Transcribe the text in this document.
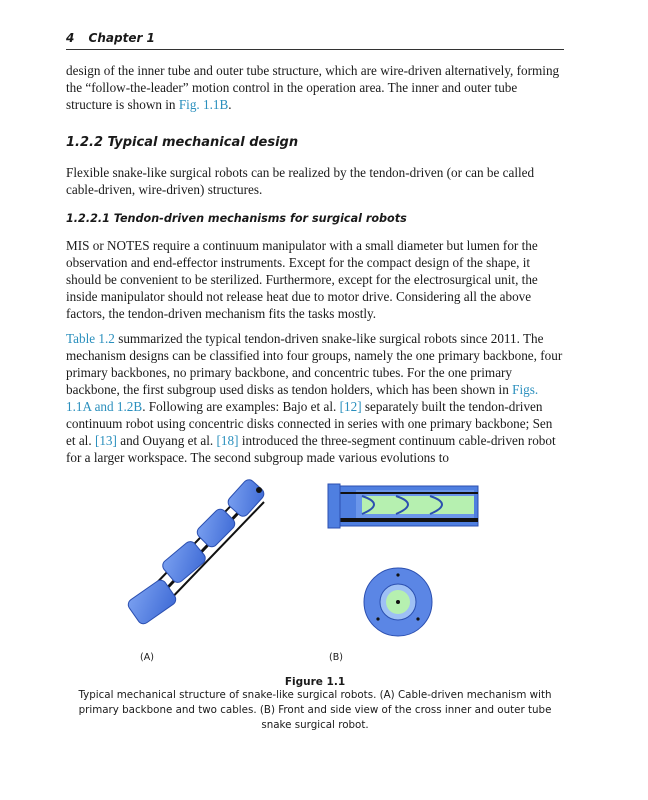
4 Chapter 1

design of the inner tube and outer tube structure, which are wire-driven alternatively, forming the “follow-the-leader” motion control in the operation area. The inner and outer tube structure is shown in Fig. 1.1B.

1.2.2 Typical mechanical design

Flexible snake-like surgical robots can be realized by the tendon-driven (or can be called cable-driven, wire-driven) structures.

1.2.2.1 Tendon-driven mechanisms for surgical robots

MIS or NOTES require a continuum manipulator with a small diameter but lumen for the observation and end-effector instruments. Except for the compact design of the shape, it should be convenient to be sterilized. Furthermore, except for the electrosurgical unit, the inside manipulator should not release heat due to motor drive. Considering all the above factors, the tendon-driven mechanism fits the tasks mostly.

Table 1.2 summarized the typical tendon-driven snake-like surgical robots since 2011. The mechanism designs can be classified into four groups, namely the one primary backbone, four primary backbones, no primary backbone, and concentric tubes. For the one primary backbone, the first subgroup used disks as tendon holders, which has been shown in Figs. 1.1A and 1.2B. Following are examples: Bajo et al. [12] separately built the tendon-driven continuum robot using concentric disks connected in series with one primary backbone; Sen et al. [13] and Ouyang et al. [18] introduced the three-segment continuum cable-driven robot for a larger workspace. The second subgroup made various evolutions to

(A)	(B)

Figure 1.1

Typical mechanical structure of snake-like surgical robots. (A) Cable-driven mechanism with primary backbone and two cables. (B) Front and side view of the cross inner and outer tube snake surgical robot.
